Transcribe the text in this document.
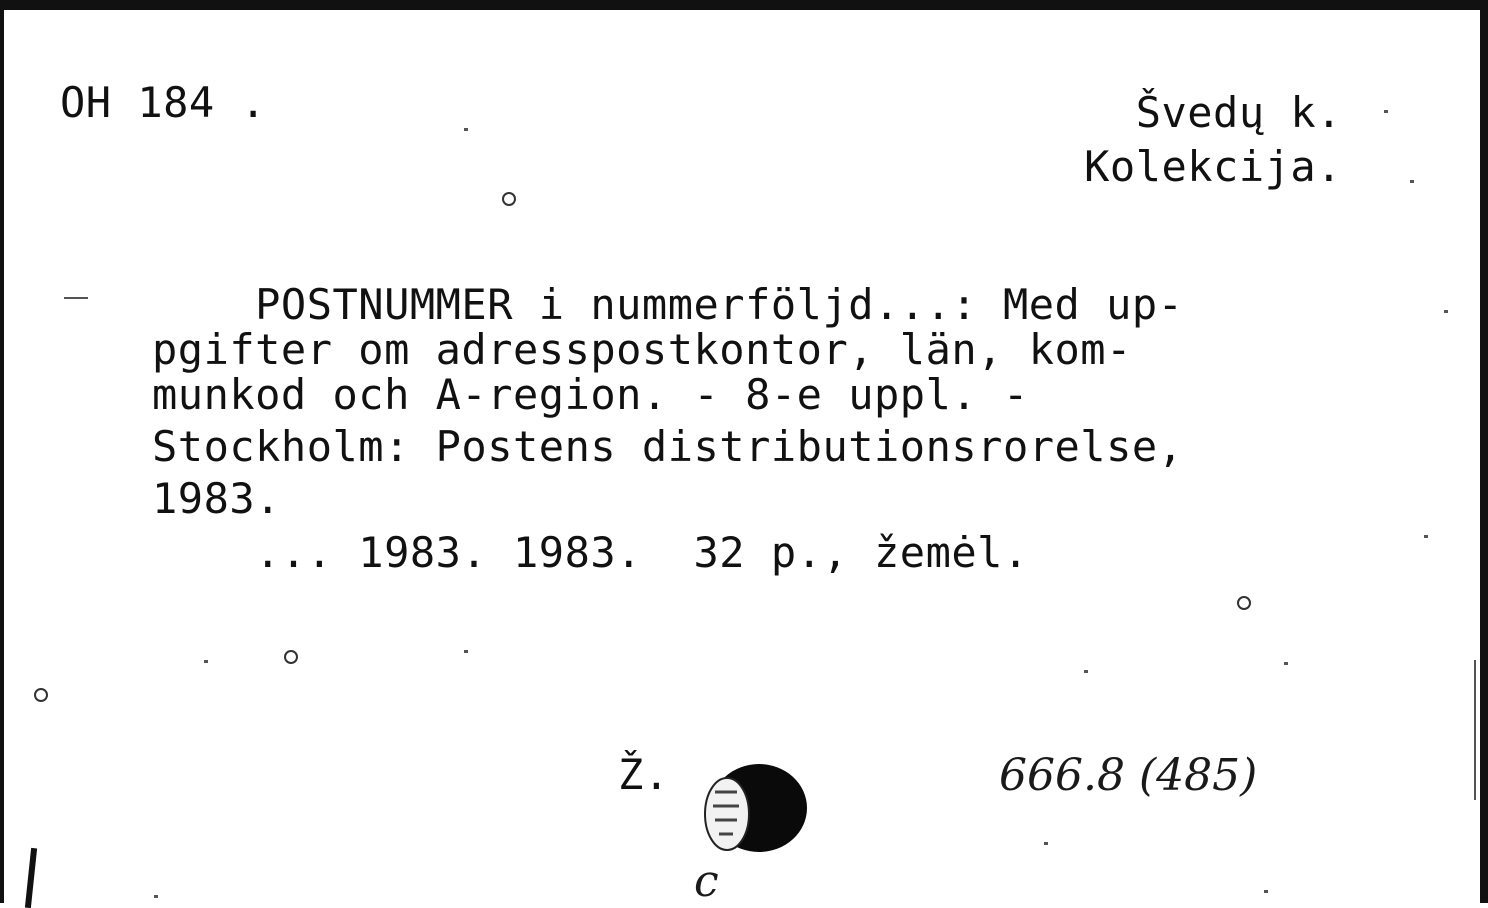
OH 184 .	Švedų k.
Kolekcija.
POSTNUMMER i nummerföljd...: Med up-
pgifter om adresspostkontor, län, kom-
munkod och A-region. - 8-e uppl. -
Stockholm: Postens distributionsrorelse,
1983.
... 1983. 1983.  32 p., žemėl.
Ž.	666.8 (485)
c
